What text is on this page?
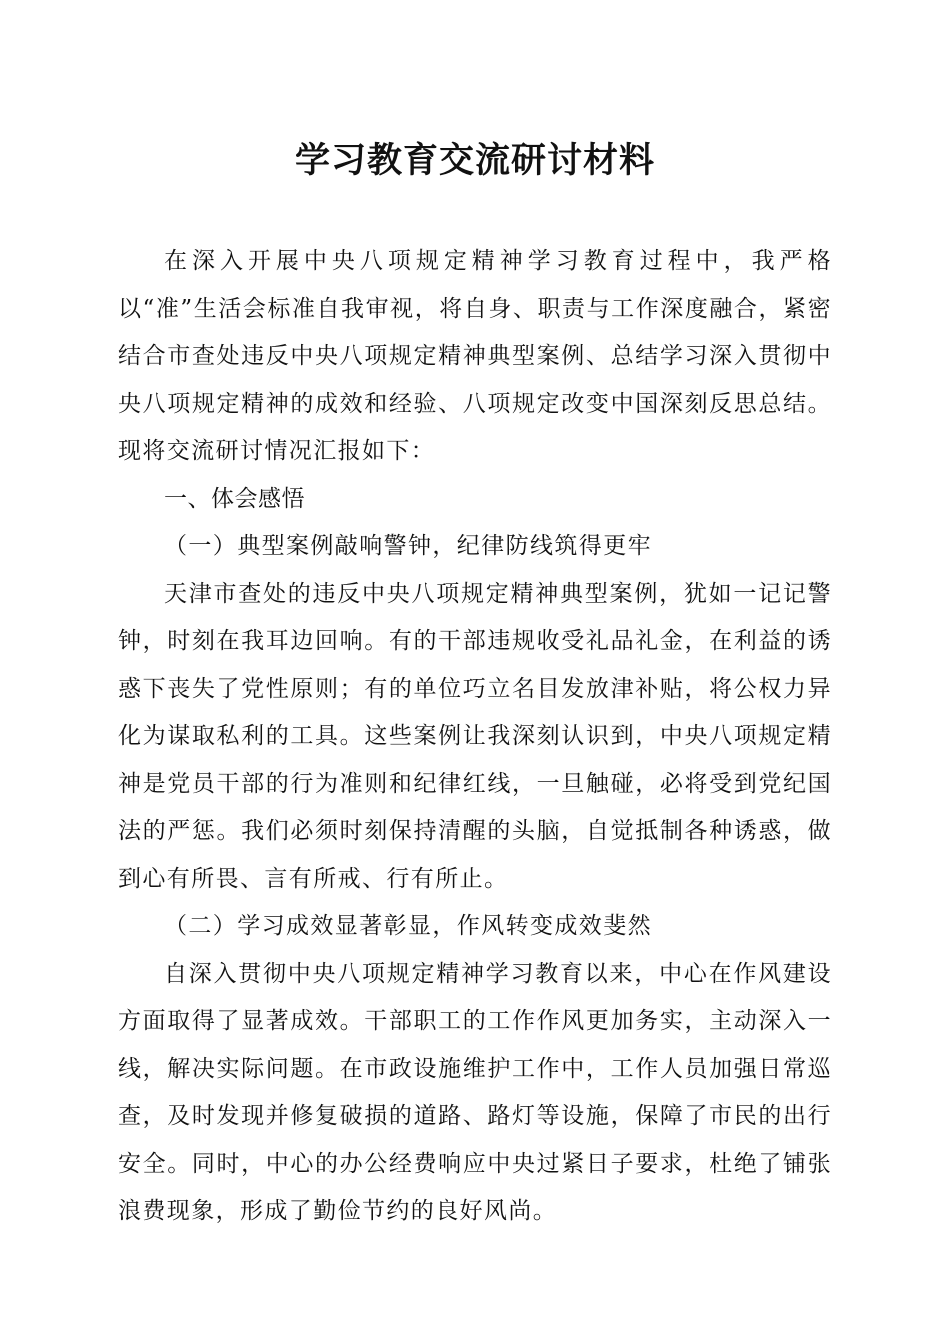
学习教育交流研讨材料

在深入开展中央八项规定精神学习教育过程中，我严格以“准”生活会标准自我审视，将自身、职责与工作深度融合，紧密结合市查处违反中央八项规定精神典型案例、总结学习深入贯彻中央八项规定精神的成效和经验、八项规定改变中国深刻反思总结。现将交流研讨情况汇报如下：

一、体会感悟

（一）典型案例敲响警钟，纪律防线筑得更牢

天津市查处的违反中央八项规定精神典型案例，犹如一记记警钟，时刻在我耳边回响。有的干部违规收受礼品礼金，在利益的诱惑下丧失了党性原则；有的单位巧立名目发放津补贴，将公权力异化为谋取私利的工具。这些案例让我深刻认识到，中央八项规定精神是党员干部的行为准则和纪律红线，一旦触碰，必将受到党纪国法的严惩。我们必须时刻保持清醒的头脑，自觉抵制各种诱惑，做到心有所畏、言有所戒、行有所止。

（二）学习成效显著彰显，作风转变成效斐然

自深入贯彻中央八项规定精神学习教育以来，中心在作风建设方面取得了显著成效。干部职工的工作作风更加务实，主动深入一线，解决实际问题。在市政设施维护工作中，工作人员加强日常巡查，及时发现并修复破损的道路、路灯等设施，保障了市民的出行安全。同时，中心的办公经费响应中央过紧日子要求，杜绝了铺张浪费现象，形成了勤俭节约的良好风尚。
